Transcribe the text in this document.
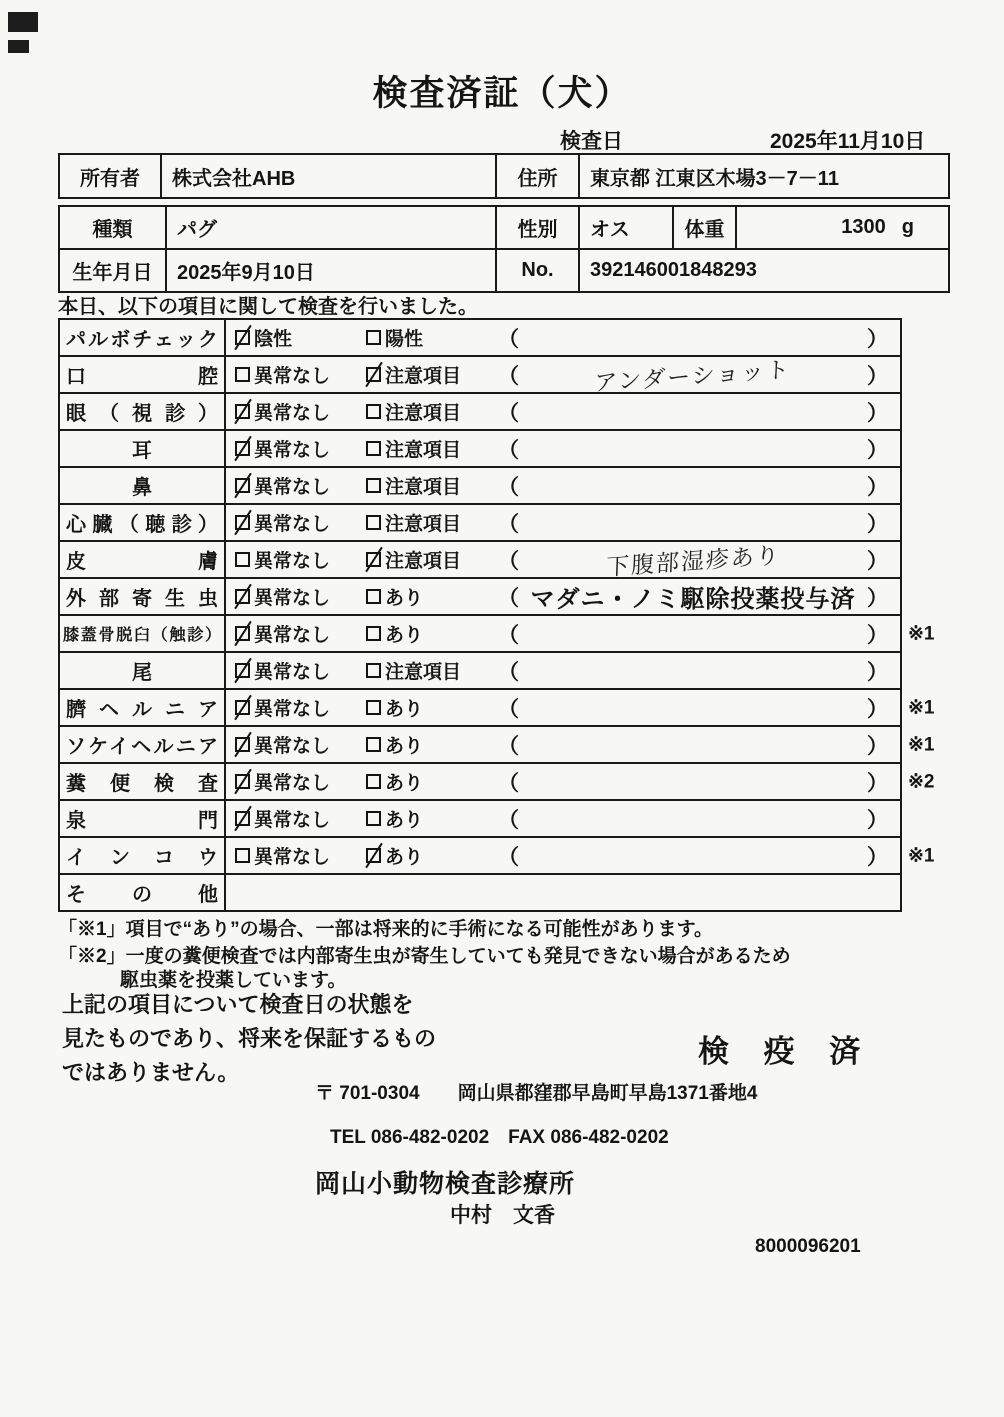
検査済証（犬）
検査日	2025年11月10日
所有者	株式会社AHB	住所	東京都 江東区木場3－7－11
種類	パグ	性別	オス	体重	1300 g
生年月日	2025年9月10日	No.	392146001848293		
本日、以下の項目に関して検査を行いました。
パルボチェック	陰性 陽性 （ ）

口腔	異常なし 注意項目 （ アンダーショット ）

眼（視診）	異常なし 注意項目 （ ）

耳	異常なし 注意項目 （ ）

鼻	異常なし 注意項目 （ ）

心臓（聴診）	異常なし 注意項目 （ ）

皮膚	異常なし 注意項目 （ 下腹部湿疹あり ）

外部寄生虫	異常なし あり （ マダニ・ノミ駆除投薬投与済 ）

膝蓋骨脱臼（触診）	異常なし あり （ ） ※1

尾	異常なし 注意項目 （ ）

臍ヘルニア	異常なし あり （ ） ※1

ソケイヘルニア	異常なし あり （ ） ※1

糞便検査	異常なし あり （ ） ※2

泉門	異常なし あり （ ）

インコウ	異常なし あり （ ） ※1

その他	
「※1」項目で“あり”の場合、一部は将来的に手術になる可能性があります。
「※2」一度の糞便検査では内部寄生虫が寄生していても発見できない場合があるため
駆虫薬を投薬しています。
上記の項目について検査日の状態を
見たものであり、将来を保証するもの
ではありません。
検 疫 済
〒 701-0304 岡山県都窪郡早島町早島1371番地4
TEL 086-482-0202　FAX 086-482-0202
岡山小動物検査診療所
中村　文香
8000096201
